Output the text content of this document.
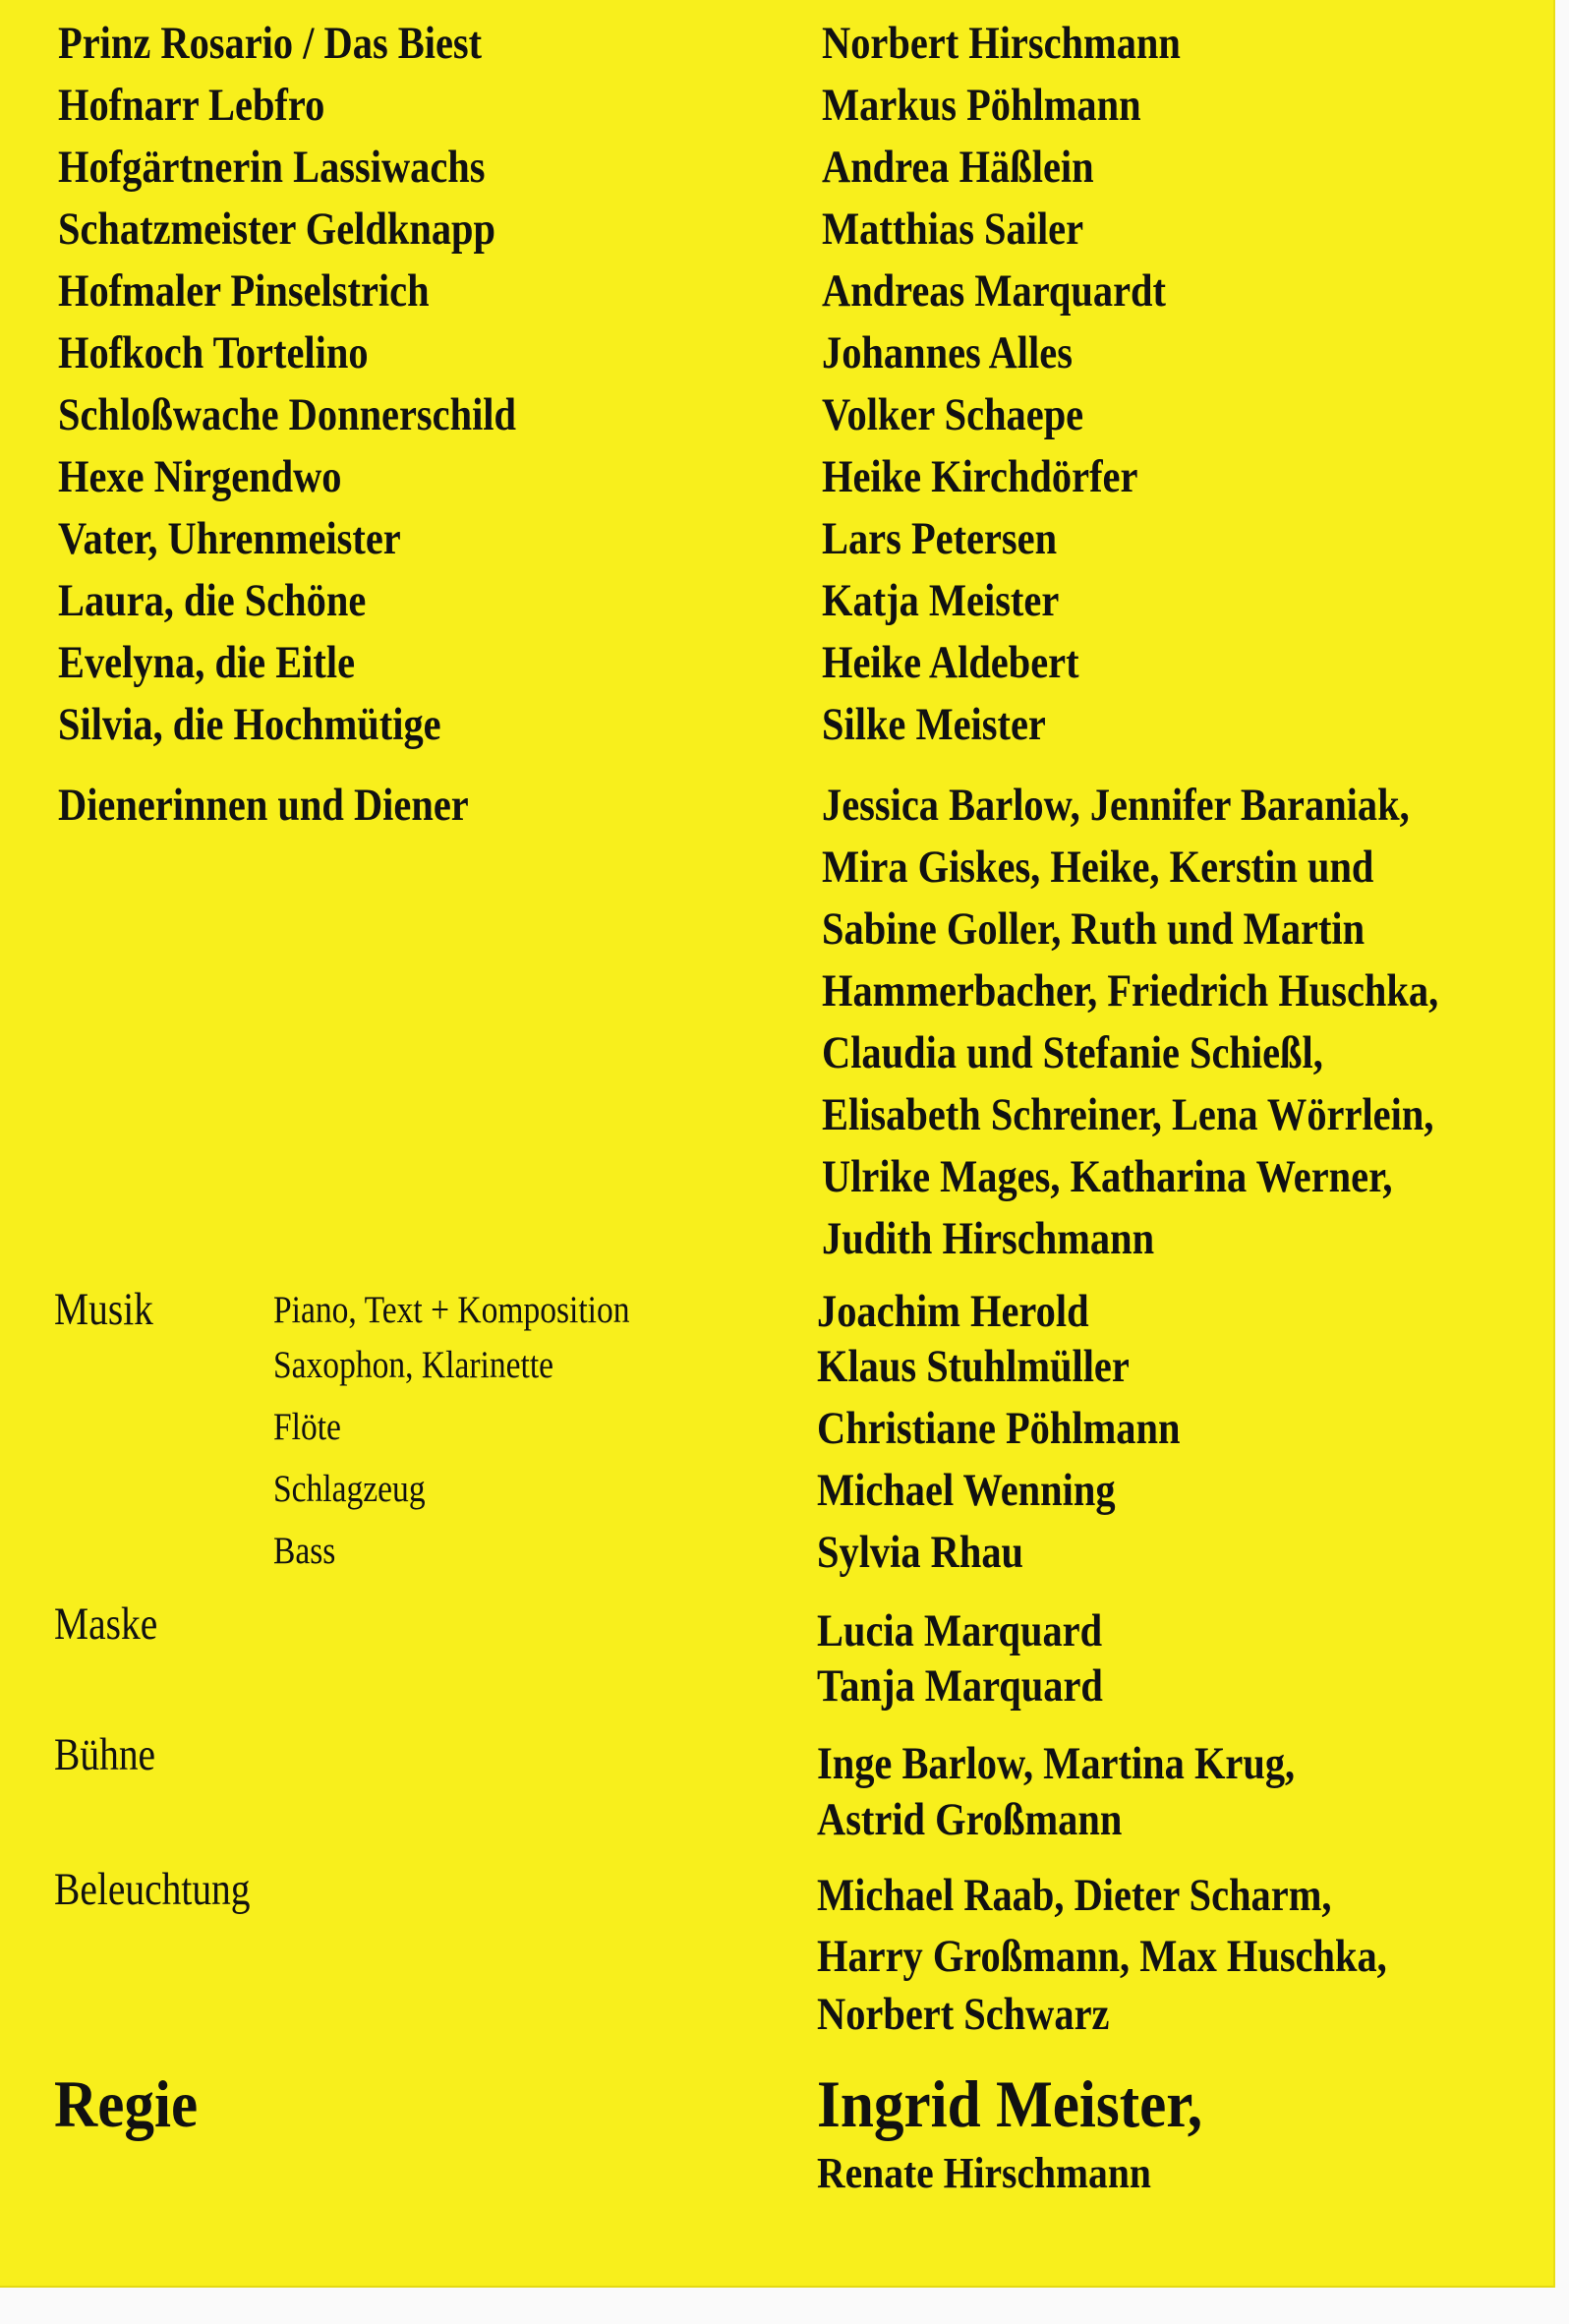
Prinz Rosario / Das Biest	Norbert Hirschmann
Hofnarr Lebfro	Markus Pöhlmann
Hofgärtnerin Lassiwachs	Andrea Häßlein
Schatzmeister Geldknapp	Matthias Sailer
Hofmaler Pinselstrich	Andreas Marquardt
Hofkoch Tortelino	Johannes Alles
Schloßwache Donnerschild	Volker Schaepe
Hexe Nirgendwo	Heike Kirchdörfer
Vater, Uhrenmeister	Lars Petersen
Laura, die Schöne	Katja Meister
Evelyna, die Eitle	Heike Aldebert
Silvia, die Hochmütige	Silke Meister
Dienerinnen und Diener	Jessica Barlow, Jennifer Baraniak,
Mira Giskes, Heike, Kerstin und
Sabine Goller, Ruth und Martin
Hammerbacher, Friedrich Huschka,
Claudia und Stefanie Schießl,
Elisabeth Schreiner, Lena Wörrlein,
Ulrike Mages, Katharina Werner,
Judith Hirschmann
Musik	Piano, Text + Komposition	Joachim Herold
Saxophon, Klarinette	Klaus Stuhlmüller
Flöte	Christiane Pöhlmann
Schlagzeug	Michael Wenning
Bass	Sylvia Rhau
Maske	Lucia Marquard
Tanja Marquard
Bühne	Inge Barlow, Martina Krug,
Astrid Großmann
Beleuchtung	Michael Raab, Dieter Scharm,
Harry Großmann, Max Huschka,
Norbert Schwarz
Regie	Ingrid Meister,
Renate Hirschmann
